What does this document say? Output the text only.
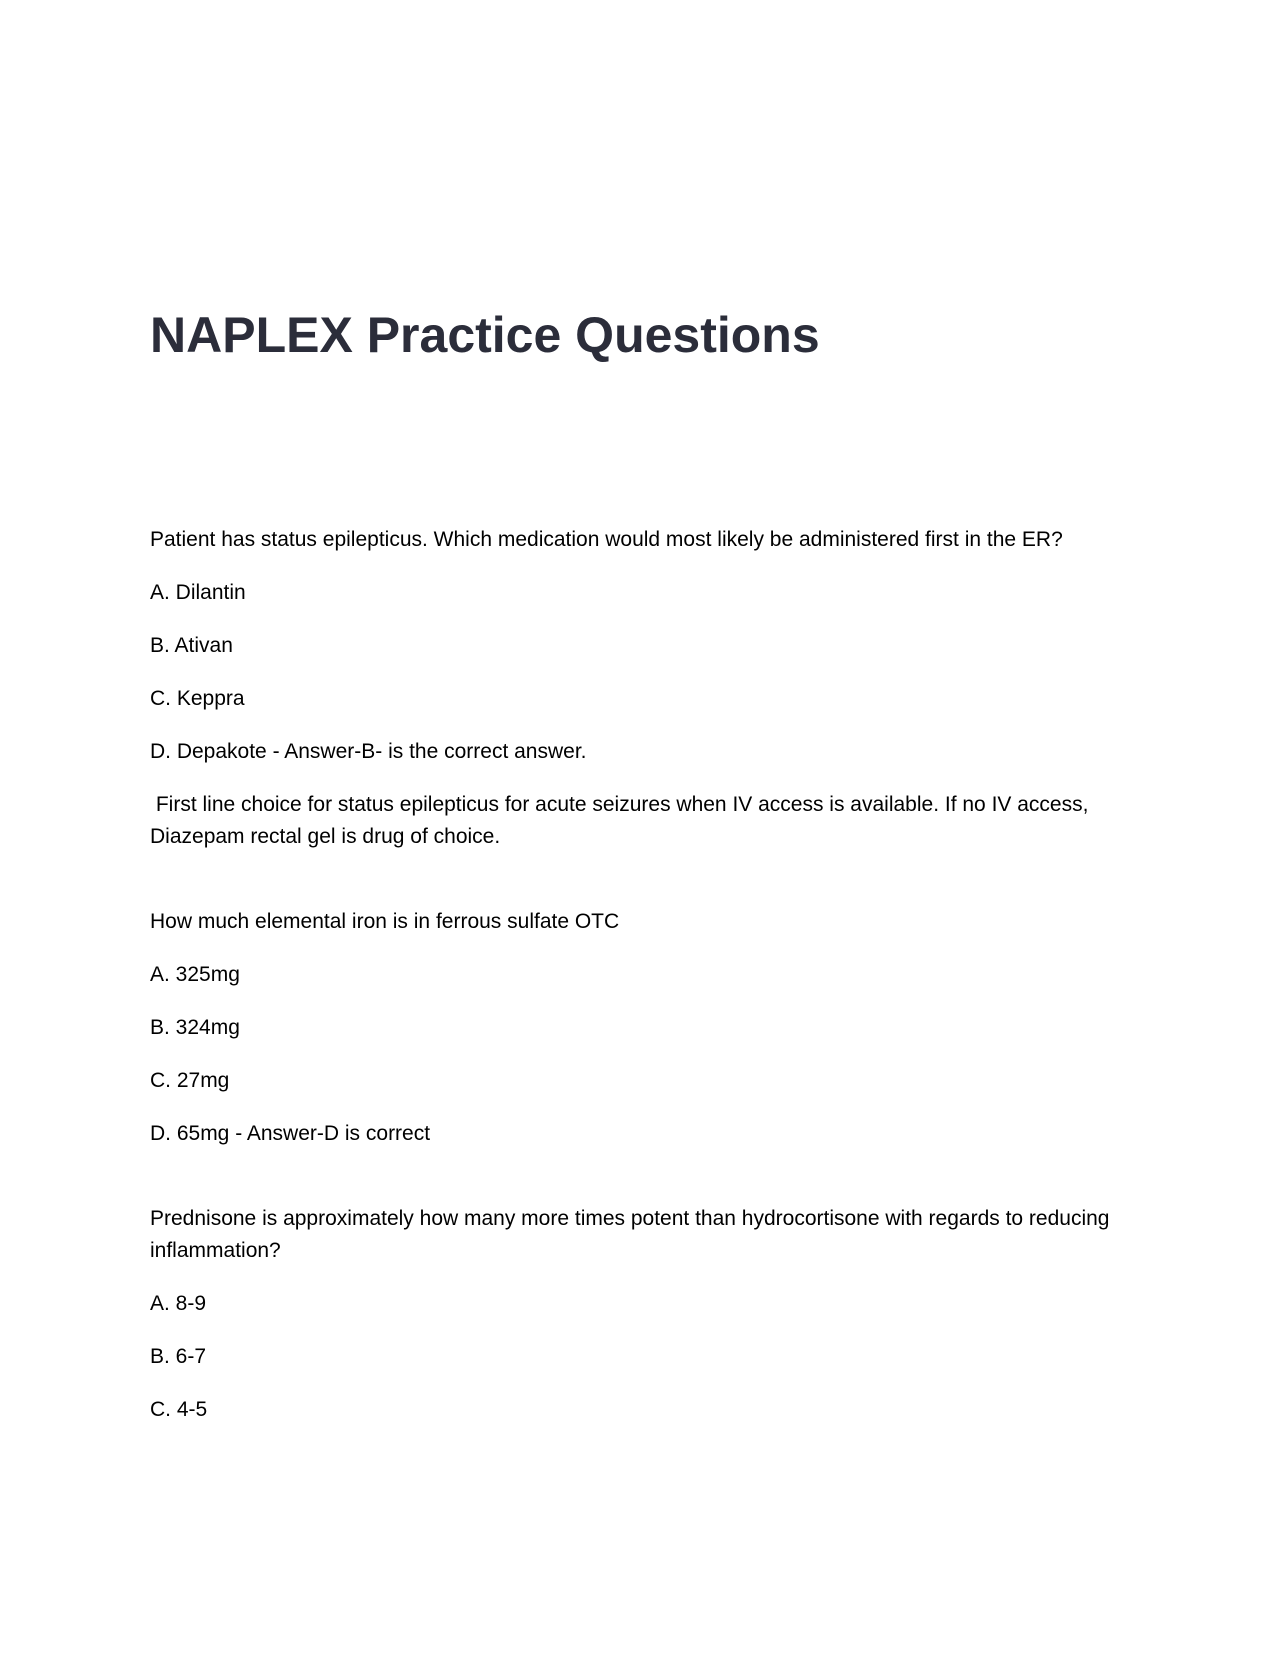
NAPLEX Practice Questions

Patient has status epilepticus. Which medication would most likely be administered first in the ER?

A. Dilantin

B. Ativan

C. Keppra

D. Depakote - Answer-B- is the correct answer.

First line choice for status epilepticus for acute seizures when IV access is available. If no IV access, Diazepam rectal gel is drug of choice.

How much elemental iron is in ferrous sulfate OTC

A. 325mg

B. 324mg

C. 27mg

D. 65mg - Answer-D is correct

Prednisone is approximately how many more times potent than hydrocortisone with regards to reducing inflammation?

A. 8-9

B. 6-7

C. 4-5
